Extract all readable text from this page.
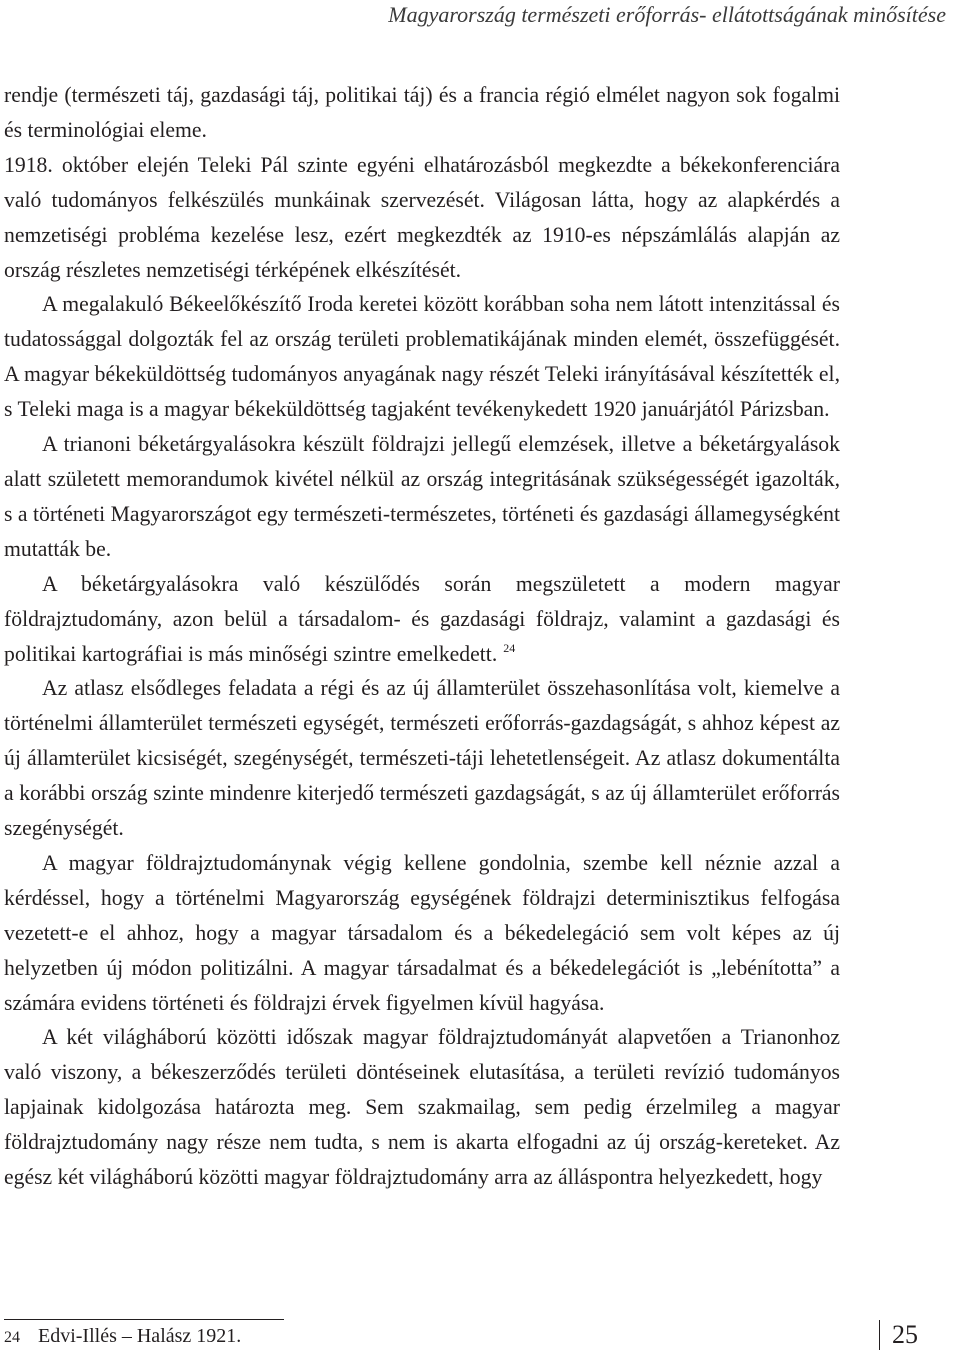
Magyarország természeti erőforrás- ellátottságának minősítése

rendje (természeti táj, gazdasági táj, politikai táj) és a francia régió elmélet nagyon sok fogalmi és terminológiai eleme.

1918. október elején Teleki Pál szinte egyéni elhatározásból megkezdte a békekonferenciára való tudományos felkészülés munkáinak szervezését. Világosan látta, hogy az alapkérdés a nemzetiségi probléma kezelése lesz, ezért megkezdték az 1910-es népszámlálás alapján az ország részletes nemzetiségi térképének elkészítését.

A megalakuló Békeelőkészítő Iroda keretei között korábban soha nem látott intenzitással és tudatossággal dolgozták fel az ország területi problematikájának minden elemét, összefüggését. A magyar békeküldöttség tudományos anyagának nagy részét Teleki irányításával készítették el, s Teleki maga is a magyar békeküldöttség tagjaként tevékenykedett 1920 januárjától Párizsban.

A trianoni béketárgyalásokra készült földrajzi jellegű elemzések, illetve a béketárgyalások alatt született memorandumok kivétel nélkül az ország integritásának szükségességét igazolták, s a történeti Magyarországot egy természeti-természetes, történeti és gazdasági államegységként mutatták be.

A béketárgyalásokra való készülődés során megszületett a modern magyar földrajztudomány, azon belül a társadalom- és gazdasági földrajz, valamint a gazdasági és politikai kartográfiai is más minőségi szintre emelkedett. $^{24}$

Az atlasz elsődleges feladata a régi és az új államterület összehasonlítása volt, kiemelve a történelmi államterület természeti egységét, természeti erőforrás-gazdagságát, s ahhoz képest az új államterület kicsiségét, szegénységét, természeti-táji lehetetlenségeit. Az atlasz dokumentálta a korábbi ország szinte mindenre kiterjedő természeti gazdagságát, s az új államterület erőforrás szegénységét.

A magyar földrajztudománynak végig kellene gondolnia, szembe kell néznie azzal a kérdéssel, hogy a történelmi Magyarország egységének földrajzi determinisztikus felfogása vezetett-e el ahhoz, hogy a magyar társadalom és a békedelegáció sem volt képes az új helyzetben új módon politizálni. A magyar társadalmat és a békedelegációt is „lebénította” a számára evidens történeti és földrajzi érvek figyelmen kívül hagyása.

A két világháború közötti időszak magyar földrajztudományát alapvetően a Trianonhoz való viszony, a békeszerződés területi döntéseinek elutasítása, a területi revízió tudományos lapjainak kidolgozása határozta meg. Sem szakmailag, sem pedig érzelmileg a magyar földrajztudomány nagy része nem tudta, s nem is akarta elfogadni az új ország-kereteket. Az egész két világháború közötti magyar földrajztudomány arra az álláspontra helyezkedett, hogy

24 Edvi-Illés – Halász 1921.	25
